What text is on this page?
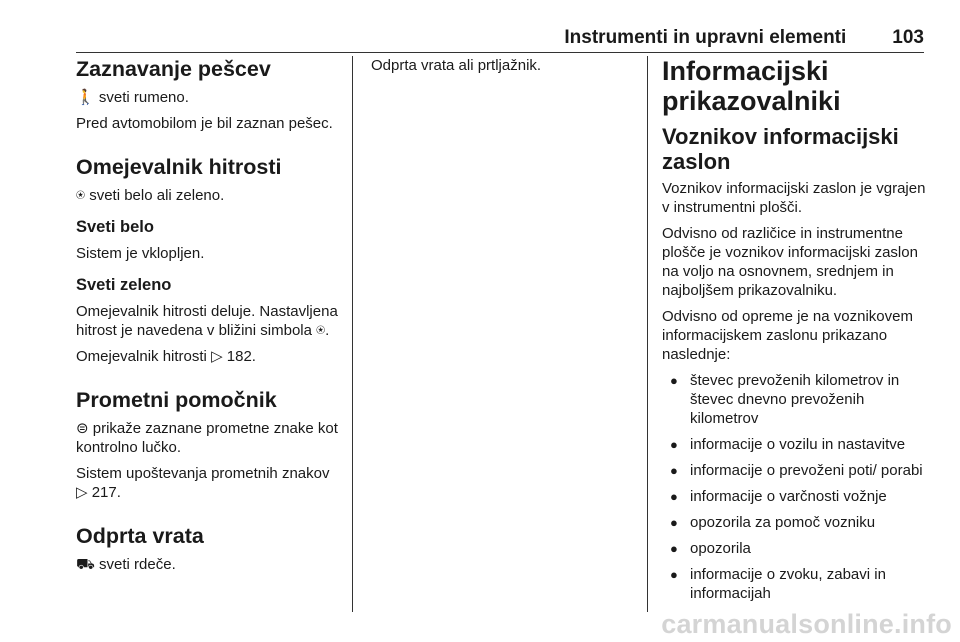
Instrumenti in upravni elementi 103
Zaznavanje pešcev

🚶 sveti rumeno.

Pred avtomobilom je bil zaznan pešec.

Omejevalnik hitrosti

⍟ sveti belo ali zeleno.

Sveti belo

Sistem je vklopljen.

Sveti zeleno

Omejevalnik hitrosti deluje. Nastavljena hitrost je navedena v bližini simbola ⍟.

Omejevalnik hitrosti ▷ 182.

Prometni pomočnik

⊜ prikaže zaznane prometne znake kot kontrolno lučko.

Sistem upoštevanja prometnih znakov ▷ 217.

Odprta vrata

⛟ sveti rdeče.

Odprta vrata ali prtljažnik.	Informacijski prikazovalniki
Voznikov informacijski zaslon

Voznikov informacijski zaslon je vgrajen v instrumentni plošči.

Odvisno od različice in instrumentne plošče je voznikov informacijski zaslon na voljo na osnovnem, srednjem in najboljšem prikazovalniku.

Odvisno od opreme je na voznikovem informacijskem zaslonu prikazano naslednje:

● števec prevoženih kilometrov in števec dnevno prevoženih kilometrov
● informacije o vozilu in nastavitve
● informacije o prevoženi poti/ porabi
● informacije o varčnosti vožnje
● opozorila za pomoč vozniku
● opozorila
● informacije o zvoku, zabavi in informacijah
carmanualsonline.info
